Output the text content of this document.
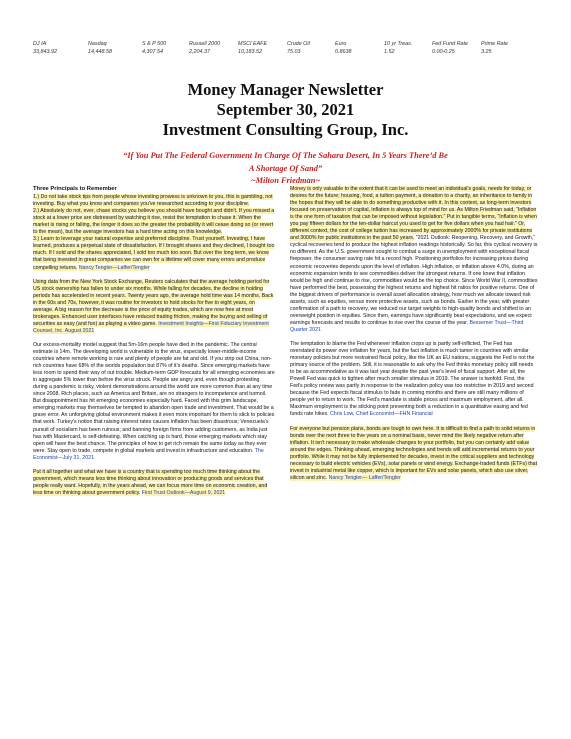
DJ IA
33,843.92
Nasdaq
14,448.58
S & P 500
4,307.54
Russell 2000
2,204.37
MSCI EAFE
10,183.52
Crude Oil
75.03
Euro
0.8638
10 yr Treas.
1.52
Fed Fund Rate
0.00-0.25
Prime Rate
3.25
Money Manager Newsletter
September 30, 2021
Investment Consulting Group, Inc.
“If You Put The Federal Government In Charge Of The Sahara Desert, In 5 Years There’d Be
A Shortage Of Sand”
~Milton Friedman~
Three Principals to Remember

1.) Do not take stock tips from people whose investing prowess is unknown to you, this is gambling, not investing. Buy what you know and companies you've researched according to your discipline.

2.) Absolutely do not, ever, chase stocks you believe you should have bought and didn't. If you missed a stock at a lower price are distressed by watching it rise, resist the temptation to chase it. When the market is rising or falling, the longer it does so the greater the probability it will cease doing so (or revert to the mean), but the average investors has a hard time acting on this knowledge.

3.) Learn to leverage your natural expertise and preferred discipline. Trust yourself. Investing, I have learned, produces a perpetual state of dissatisfaction. If I brought shares and they declined, I bought too much. If I sold and the shares appreciated, I sold too much too soon. But over the long term, we know that being invested in great companies we can own for a lifetime will cover many errors and produce compelling returns. Nancy Tengler—Laffer/Tengler

Using data from the New York Stock Exchange, Reuters calculates that the average holding period for US stock ownership has fallen to under six months. While falling for decades, the decline in holding periods has accelerated in recent years. Twenty years ago, the average hold time was 14 months. Back in the 60s and 70s, however, it was routine for investors to hold stocks for five to eight years, on average. A big reason for the decrease is the price of equity trades, which are now free at most brokerages. Enhanced user interfaces have reduced trading friction, making the buying and selling of securities as easy (and fun) as playing a video game. Investment Insights—First Fiduciary Investment Counsel, Inc. August 2021

Our excess-mortality model suggest that 5m-16m people have died in the pandemic. The central estimate is 14m. The developing world is vulnerable to the virus, especially lower-middle-income countries where remote working is rare and plenty of people are fat and old. If you strip out China, non-rich countries have 68% of the worlds population but 87% of it's deaths. Since emerging markets have less room to spend their way of out trouble. Medium-term GDP forecasts for all emerging economies are in aggregate 5% lower than before the virus struck. People are angry and, even though protesting during a pandemic is risky, violent demonstrations around the world are more common than at any time since 2008. Rich places, such as America and Britain, are no strangers to incompetence and turmoil. But disappointment has hit emerging economies especially hard. Faced with this grim landscape, emerging markets may themselves be tempted to abandon open trade and investment. That would be a grave error. An unforgiving global environment makes it even more important for them to stick to policies that work. Turkey's notion that raising interest rates causes inflation has been disastrous; Venezuela's pursuit of socialism has been ruinous; and banning foreign firms from adding customers, as India just has with Mastercard, is self-defeating. When catching up is hard, those emerging markets which stay open will have the best chance. The principles of how to get rich remain the same today as they ever were. Stay open to trade, compete in global markets and invest in infrastructure and education. The Economist—July 31, 2021

Put it all together and what we have is a country that is spending too much time thinking about the government, which means less time thinking about innovation or producing goods and services that people really want. Hopefully, in the years ahead, we can focus more time on economic creation, and less time on thinking about government policy. First Trust Outlook—August 9, 2021

Money is only valuable to the extent that it can be used to meet an individual's goals, needs for today, or desires for the future; housing, food, a tuition payment, a donation to a charity, an inheritance to family in the hopes that they will be able to do something productive with it. In this context, as long-term investors focused on preservation of capital, inflation is always top of mind for us. As Milton Friedman said, “Inflation is the one form of taxation that can be imposed without legislation.” Put in tangible terms, “Inflation is when you pay fifteen dollars for the ten-dollar haircut you used to get for five dollars when you had hair.” Or, different context, the cost of college tuition has increased by approximately 2000% for private institutions and 3000% for public institutions in the past 50 years. “2021 Outlook: Reopening, Recovery, and Growth,” cyclical recoveries tend to produce the highest inflation readings historically. So far, this cyclical recovery is no different. As the U.S. government sought to combat a surge in unemployment with exceptional fiscal firepower, the consumer saving rate hit a record high. Positioning portfolios for increasing prices during economic recoveries depends upon the level of inflation. High inflation, or inflation above 4.0%, during an economic expansion tends to see commodities deliver the strongest returns. If one knew that inflation would be high and continue to rise, commodities would be the top choice. Since World War II, commodities have performed the best, possessing the highest returns and highest hit ratios for positive returns. One of the biggest drivers of performance is overall asset allocation strategy, how much we allocate toward risk assets, such as equities, versus more protective assets, such as bonds. Earlier in the year, with greater confirmation of a path to recovery, we reduced our target weights to high-quality bonds and shifted to an overweight position in equities. Since then, earnings have significantly beat expectations, and we expect earnings forecasts and results to continue to rise over the course of the year. Bessemer Trust—Third Quarter 2021

The temptation to blame the Fed whenever inflation crops up is partly self-inflicted. The Fed has overstated its power over inflation for years, but the fact inflation is much tamer in countries with similar monetary policies but more restrained fiscal policy, like the UK an EU nations, suggests the Fed is not the primary source of the problem. Still, it is reasonable to ask why the Fed thinks monetary policy still needs to be as accommodative as it was last year despite the past year's level of fiscal support. After all, the Powell Fed was quick to tighten after much smaller stimulus in 2019. The answer is twofold. First, the Fed's policy review was partly in response to the realization policy was too restrictive in 2019 and second because the Fed expects fiscal stimulus to fade in coming months and there are still many millions of people yet to return to work. The Fed's mandate is stable prices and maximum employment, after all. Maximum employment is the sticking point preventing both a reduction in a quantitative easing and fed funds rate hikes. Chris Low, Chief Economist—FHN Financial

For everyone but pension plans, bonds are tough to own here. It is difficult to find a path to solid returns in bonds over the next three to five years on a nominal basis, never mind the likely negative return after inflation. It isn't necessary to make wholesale changes to your portfolio, but you can certainly add value around the edges. Thinking ahead, emerging technologies and trends will add incremental returns to your portfolio. While it may not be fully implemented for decades, invest in the critical suppliers and technology necessary to build electric vehicles (EVs), solar panels or wind energy. Exchange-traded funds (ETFs) that invest in industrial metal like copper, which is important for EVs and solar panels, which also use silver, silicon and zinc. Nancy Tengler— Laffer/Tengler
